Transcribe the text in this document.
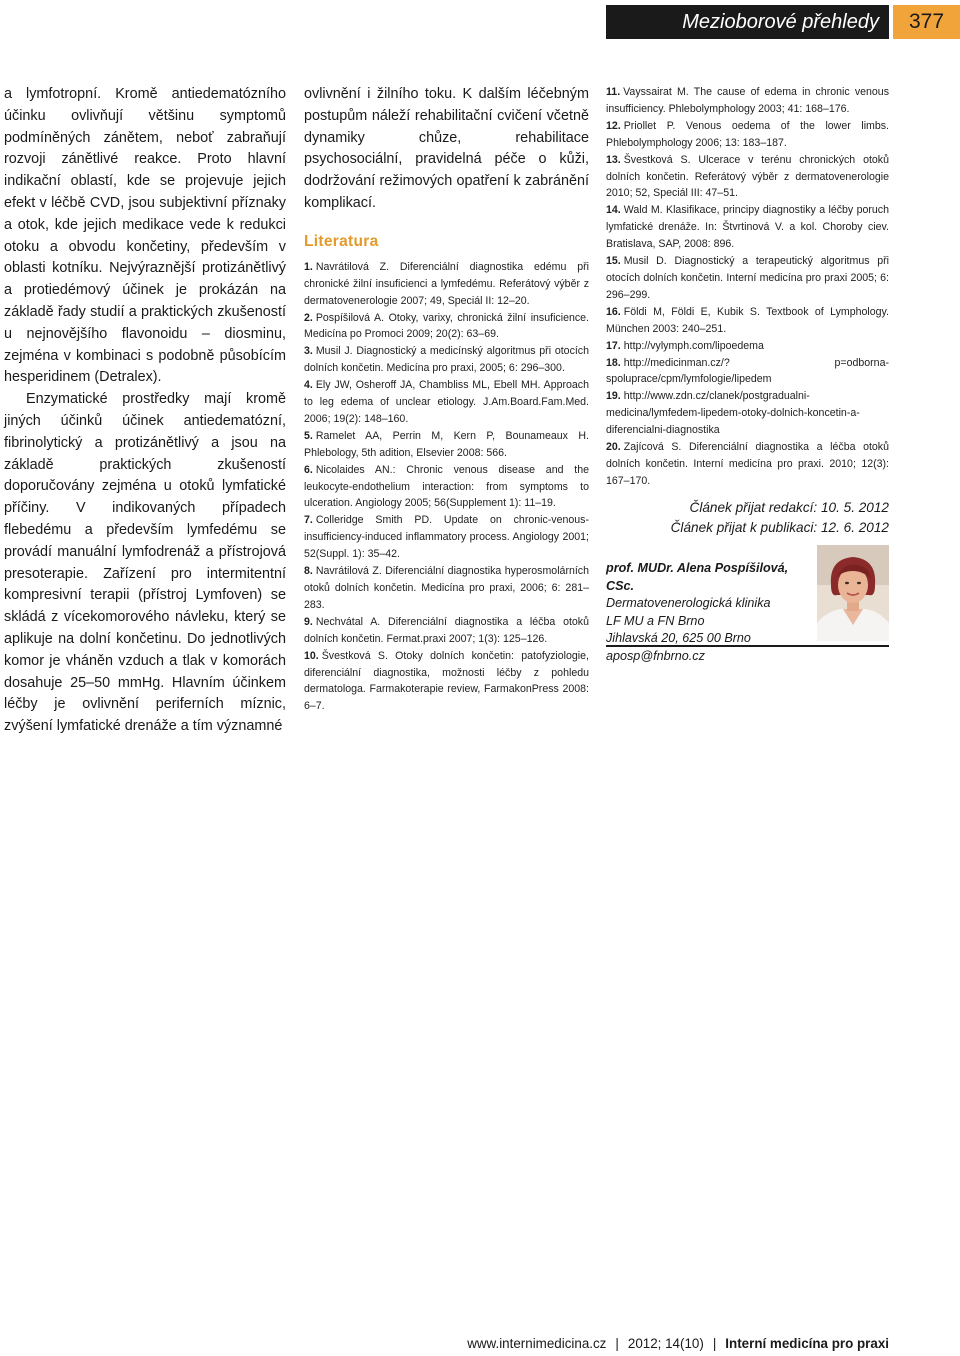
Mezioborové přehledy	377

a lymfotropní. Kromě antiedematózního účinku ovlivňují většinu symptomů podmíněných zánětem, neboť zabraňují rozvoji zánětlivé reakce. Proto hlavní indikační oblastí, kde se projevuje jejich efekt v léčbě CVD, jsou subjektivní příznaky a otok, kde jejich medikace vede k redukci otoku a obvodu končetiny, především v oblasti kotníku. Nejvýraznější protizánětlivý a protiedémový účinek je prokázán na základě řady studií a praktických zkušeností u nejnovějšího flavonoidu – diosminu, zejména v kombinaci s podobně působícím hesperidinem (Detralex).

Enzymatické prostředky mají kromě jiných účinků účinek antiedematózní, fibrinolytický a protizánětlivý a jsou na základě praktických zkušeností doporučovány zejména u otoků lymfatické příčiny. V indikovaných případech flebedému a především lymfedému se provádí manuální lymfodrenáž a přístrojová presoterapie. Zařízení pro intermitentní kompresivní terapii (přístroj Lymfoven) se skládá z vícekomorového návleku, který se aplikuje na dolní končetinu. Do jednotlivých komor je vháněn vzduch a tlak v komorách dosahuje 25–50 mmHg. Hlavním účinkem léčby je ovlivnění periferních míznic, zvýšení lymfatické drenáže a tím významné

ovlivnění i žilního toku. K dalším léčebným postupům náleží rehabilitační cvičení včetně dynamiky chůze, rehabilitace psychosociální, pravidelná péče o kůži, dodržování režimových opatření k zabránění komplikací.

Literatura
1. Navrátilová Z. Diferenciální diagnostika edému při chronické žilní insuficienci a lymfedému. Referátový výběr z dermatovenerologie 2007; 49, Speciál II: 12–20.
2. Pospíšilová A. Otoky, varixy, chronická žilní insuficience. Medicína po Promoci 2009; 20(2): 63–69.
3. Musil J. Diagnostický a medicínský algoritmus při otocích dolních končetin. Medicína pro praxi, 2005; 6: 296–300.
4. Ely JW, Osheroff JA, Chambliss ML, Ebell MH. Approach to leg edema of unclear etiology. J.Am.Board.Fam.Med. 2006; 19(2): 148–160.
5. Ramelet AA, Perrin M, Kern P, Bounameaux H. Phlebology, 5th adition, Elsevier 2008: 566.
6. Nicolaides AN.: Chronic venous disease and the leukocyte-endothelium interaction: from symptoms to ulceration. Angiology 2005; 56(Supplement 1): 11–19.
7. Colleridge Smith PD. Update on chronic-venous-insufficiency-induced inflammatory process. Angiology 2001; 52(Suppl. 1): 35–42.
8. Navrátilová Z. Diferenciální diagnostika hyperosmolárních otoků dolních končetin. Medicína pro praxi, 2006; 6: 281–283.
9. Nechvátal A. Diferenciální diagnostika a léčba otoků dolních končetin. Fermat.praxi 2007; 1(3): 125–126.
10. Švestková S. Otoky dolních končetin: patofyziologie, diferenciální diagnostika, možnosti léčby z pohledu dermatologa. Farmakoterapie review, FarmakonPress 2008: 6–7.
11. Vayssairat M. The cause of edema in chronic venous insufficiency. Phlebolymphology 2003; 41: 168–176.
12. Priollet P. Venous oedema of the lower limbs. Phlebolymphology 2006; 13: 183–187.
13. Švestková S. Ulcerace v terénu chronických otoků dolních končetin. Referátový výběr z dermatovenerologie 2010; 52, Speciál III: 47–51.
14. Wald M. Klasifikace, principy diagnostiky a léčby poruch lymfatické drenáže. In: Štvrtinová V. a kol. Choroby ciev. Bratislava, SAP, 2008: 896.
15. Musil D. Diagnostický a terapeutický algoritmus při otocích dolních končetin. Interní medicína pro praxi 2005; 6: 296–299.
16. Földi M, Földi E, Kubik S. Textbook of Lymphology. München 2003: 240–251.
17. http://vylymph.com/lipoedema
18. http://medicinman.cz/? p=odborna-spoluprace/cpm/lymfologie/lipedem
19. http://www.zdn.cz/clanek/postgradualni-medicina/lymfedem-lipedem-otoky-dolnich-koncetin-a-diferencialni-diagnostika
20. Zajícová S. Diferenciální diagnostika a léčba otoků dolních končetin. Interní medicína pro praxi. 2010; 12(3): 167–170.
Článek přijat redakcí: 10. 5. 2012
Článek přijat k publikaci: 12. 6. 2012
prof. MUDr. Alena Pospíšilová, CSc.
Dermatovenerologická klinika
LF MU a FN Brno
Jihlavská 20, 625 00 Brno
aposp@fnbrno.cz
www.internimedicina.cz | 2012; 14(10) | Interní medicína pro praxi
